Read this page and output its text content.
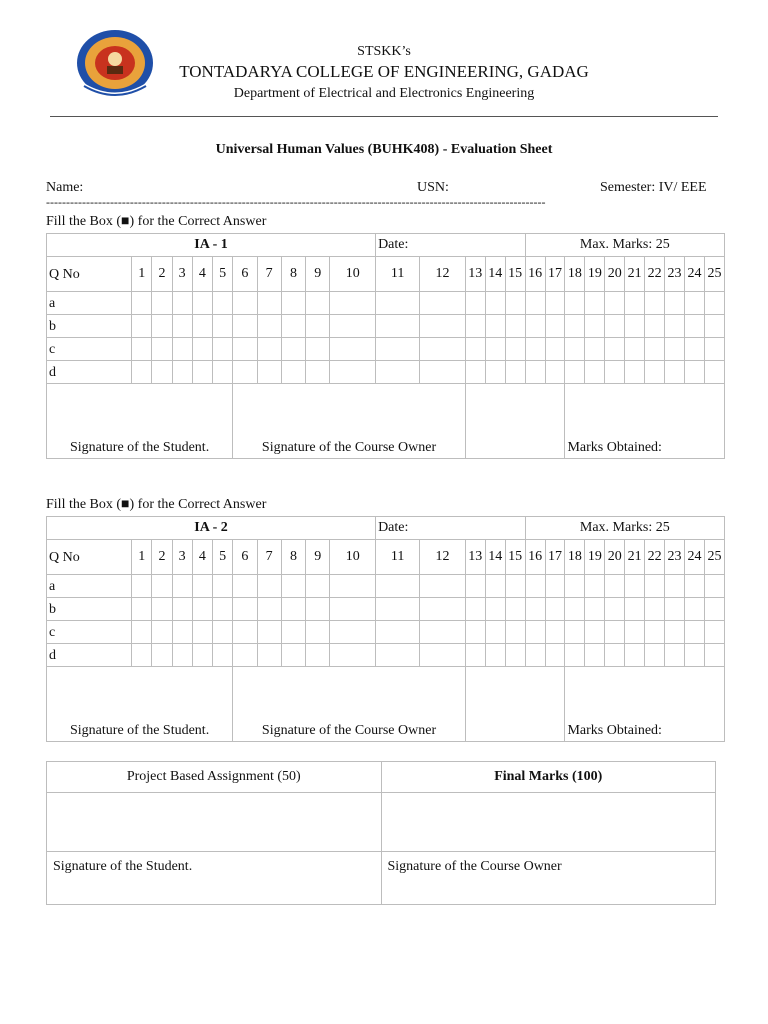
STSKK’s
TONTADARYA COLLEGE OF ENGINEERING, GADAG
Department of Electrical and Electronics Engineering
Universal Human Values (BUHK408) - Evaluation Sheet
Name:	USN:	Semester: IV/ EEE
-----------------------------------------------------------------------------------------------------------------------------
Fill the Box (■) for the Correct Answer
IA - 1											Date:					Max. Marks: 25									
Q No	1	2	3	4	5	6	7	8	9	10	11	12	13	14	15	16	17	18	19	20	21	22	23	24	25
a																									
b																									
c																									
d																									
Signature of the Student.						Signature of the Course Owner												Marks Obtained:							
Fill the Box (■) for the Correct Answer
IA - 2											Date:					Max. Marks: 25									
Q No	1	2	3	4	5	6	7	8	9	10	11	12	13	14	15	16	17	18	19	20	21	22	23	24	25
a																									
b																									
c																									
d																									
Signature of the Student.						Signature of the Course Owner												Marks Obtained:							
Project Based Assignment (50)	Final Marks (100)

Signature of the Student.	Signature of the Course Owner
